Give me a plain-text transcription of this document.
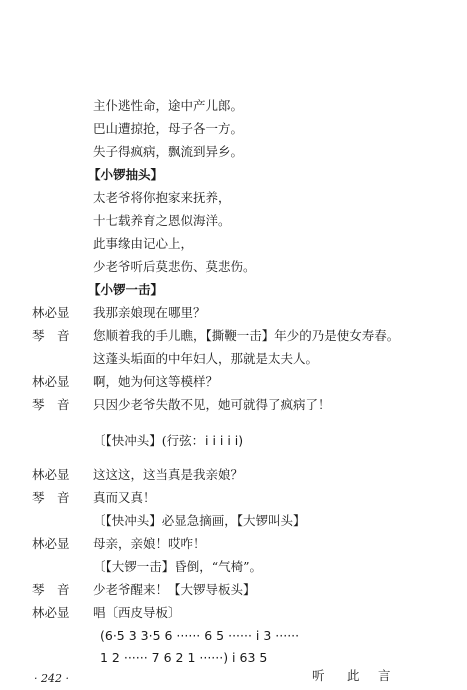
主仆逃性命，途中产儿郎。
巴山遭掠抢，母子各一方。
失子得疯病，飘流到异乡。
【小锣抽头】
太老爷将你抱家来抚养，
十七载养育之恩似海洋。
此事缘由记心上，
少老爷听后莫悲伤、莫悲伤。
【小锣一击】
林必显	我那亲娘现在哪里？
琴　音	您顺着我的手儿瞧，【撕鞭一击】年少的乃是使女寿春。
这蓬头垢面的中年妇人，那就是太夫人。
林必显	啊，她为何这等模样？
琴　音	只因少老爷失散不见，她可就得了疯病了！
〔【快冲头】(行弦： i i i i i)
林必显	这这这，这当真是我亲娘？
琴　音	真而又真！
〔【快冲头】必显急摘画，【大锣叫头】
林必显	母亲，亲娘！哎咋！
〔【大锣一击】昏倒，“气椅”。
琴　音	少老爷醒来！【大锣导板头】
林必显	唱〔西皮导板〕
(6·5 3 3·5 6 ······ 6 5 ······ i 3 ······
1 2 ······ 7 6 2 1 ······) i 63 5
· 242 ·	听 此 言
